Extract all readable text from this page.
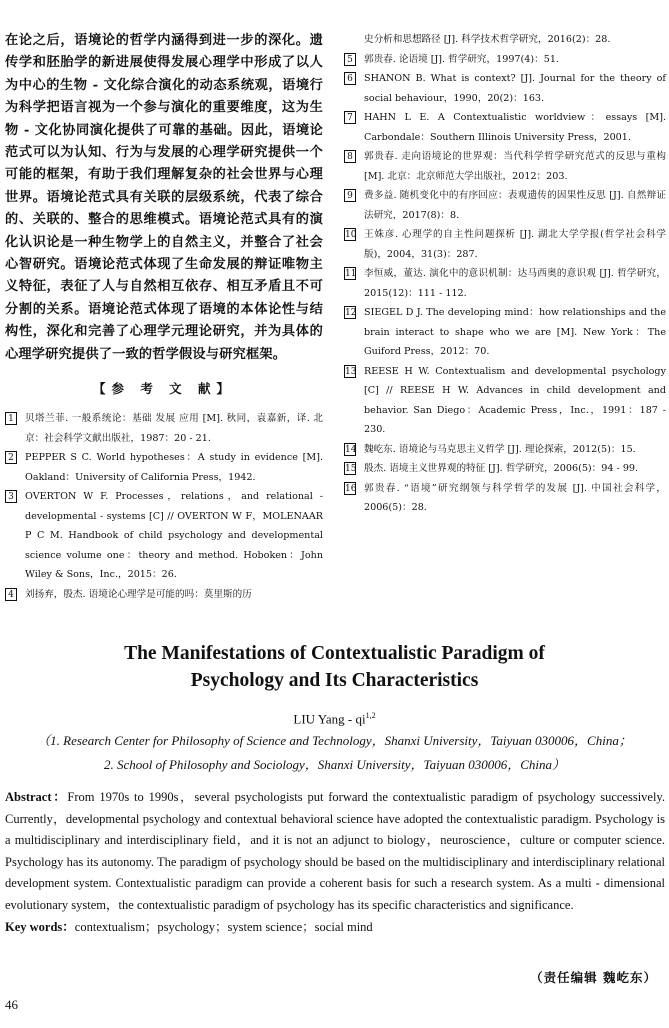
在论之后，语境论的哲学内涵得到进一步的深化。遗传学和胚胎学的新进展使得发展心理学中形成了以人为中心的生物 - 文化综合演化的动态系统观，语境行为科学把语言视为一个参与演化的重要维度，这为生物 - 文化协同演化提供了可靠的基础。因此，语境论范式可以为认知、行为与发展的心理学研究提供一个可能的框架，有助于我们理解复杂的社会世界与心理世界。语境论范式具有关联的层级系统，代表了综合的、关联的、整合的思维模式。语境论范式具有的演化认识论是一种生物学上的自然主义，并整合了社会心智研究。语境论范式体现了生命发展的辩证唯物主义特征，表征了人与自然相互依存、相互矛盾且不可分割的关系。语境论范式体现了语境的本体论性与结构性，深化和完善了心理学元理论研究，并为具体的心理学研究提供了一致的哲学假设与研究框架。

【参 考 文 献】
1	贝塔兰菲. 一般系统论：基础 发展 应用 [M]. 秋同，袁嘉新，译. 北京：社会科学文献出版社，1987：20 - 21.
2	PEPPER S C. World hypotheses：A study in evidence [M]. Oakland：University of California Press，1942.
3	OVERTON W F. Processes，relations，and relational - developmental - systems [C] // OVERTON W F，MOLENAAR P C M. Handbook of child psychology and developmental science volume one：theory and method. Hoboken：John Wiley & Sons，Inc.，2015：26.
4	刘扬弃，殷杰. 语境论心理学是可能的吗：莫里斯的历
史分析和思想路径 [J]. 科学技术哲学研究，2016(2)：28.
5	郭贵春. 论语境 [J]. 哲学研究，1997(4)：51.
6	SHANON B. What is context? [J]. Journal for the theory of social behaviour，1990，20(2)：163.
7	HAHN L E. A Contextualistic worldview：essays [M]. Carbondale：Southern Illinois University Press，2001.
8	郭贵春. 走向语境论的世界观：当代科学哲学研究范式的反思与重构 [M]. 北京：北京师范大学出版社，2012：203.
9	费多益. 随机变化中的有序回应：表观遗传的因果性反思 [J]. 自然辩证法研究，2017(8)：8.
10 王姝彦. 心理学的自主性问题探析 [J]. 湖北大学学报(哲学社会科学版)，2004，31(3)：287.
11 李恒威，董达. 演化中的意识机制：达马西奥的意识观 [J]. 哲学研究，2015(12)：111 - 112.
12 SIEGEL D J. The developing mind：how relationships and the brain interact to shape who we are [M]. New York：The Guiford Press，2012：70.
13 REESE H W. Contextualism and developmental psychology [C] // REESE H W. Advances in child development and behavior. San Diego：Academic Press，Inc.，1991：187 - 230.
14 魏屹东. 语境论与马克思主义哲学 [J]. 理论探索，2012(5)：15.
15 殷杰. 语境主义世界观的特征 [J]. 哲学研究，2006(5)：94 - 99.
16 郭贵春. “语境”研究纲领与科学哲学的发展 [J]. 中国社会科学，2006(5)：28.
The Manifestations of Contextualistic Paradigm of
Psychology and Its Characteristics
LIU Yang - qi$^{1,2}$
（1. Research Center for Philosophy of Science and Technology，Shanxi University，Taiyuan 030006，China；
2. School of Philosophy and Sociology，Shanxi University，Taiyuan 030006，China）
Abstract：From 1970s to 1990s，several psychologists put forward the contextualistic paradigm of psychology successively. Currently，developmental psychology and contextual behavioral science have adopted the contextualistic paradigm. Psychology is a multidisciplinary and interdisciplinary field，and it is not an adjunct to biology，neuroscience，culture or computer science. Psychology has its autonomy. The paradigm of psychology should be based on the multidisciplinary and interdisciplinary relational development system. Contextualistic paradigm can provide a coherent basis for such a research system. As a multi - dimensional evolutionary system，the contextualistic paradigm of psychology has its specific characteristics and significance.
Key words：contextualism；psychology；system science；social mind
（责任编辑 魏屹东）
46
